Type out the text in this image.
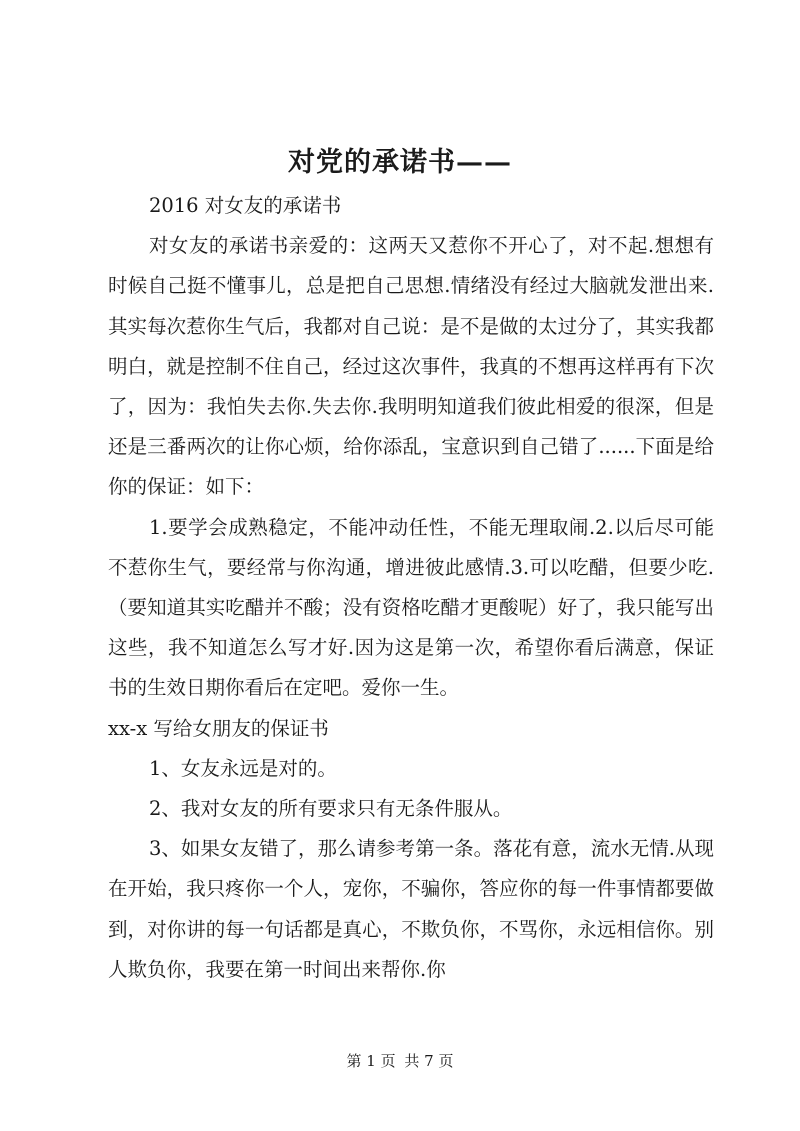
对党的承诺书——

2016 对女友的承诺书

对女友的承诺书亲爱的：这两天又惹你不开心了，对不起.想想有时候自己挺不懂事儿，总是把自己思想.情绪没有经过大脑就发泄出来.其实每次惹你生气后，我都对自己说：是不是做的太过分了，其实我都明白，就是控制不住自己，经过这次事件，我真的不想再这样再有下次了，因为：我怕失去你.失去你.我明明知道我们彼此相爱的很深，但是还是三番两次的让你心烦，给你添乱，宝意识到自己错了......下面是给你的保证：如下：

1.要学会成熟稳定，不能冲动任性，不能无理取闹.2.以后尽可能不惹你生气，要经常与你沟通，增进彼此感情.3.可以吃醋，但要少吃.（要知道其实吃醋并不酸；没有资格吃醋才更酸呢）好了，我只能写出这些，我不知道怎么写才好.因为这是第一次，希望你看后满意，保证书的生效日期你看后在定吧。爱你一生。

xx-x 写给女朋友的保证书

1、女友永远是对的。

2、我对女友的所有要求只有无条件服从。

3、如果女友错了，那么请参考第一条。落花有意，流水无情.从现在开始，我只疼你一个人，宠你，不骗你，答应你的每一件事情都要做到，对你讲的每一句话都是真心，不欺负你，不骂你，永远相信你。别人欺负你，我要在第一时间出来帮你.你

第 1 页 共 7 页
